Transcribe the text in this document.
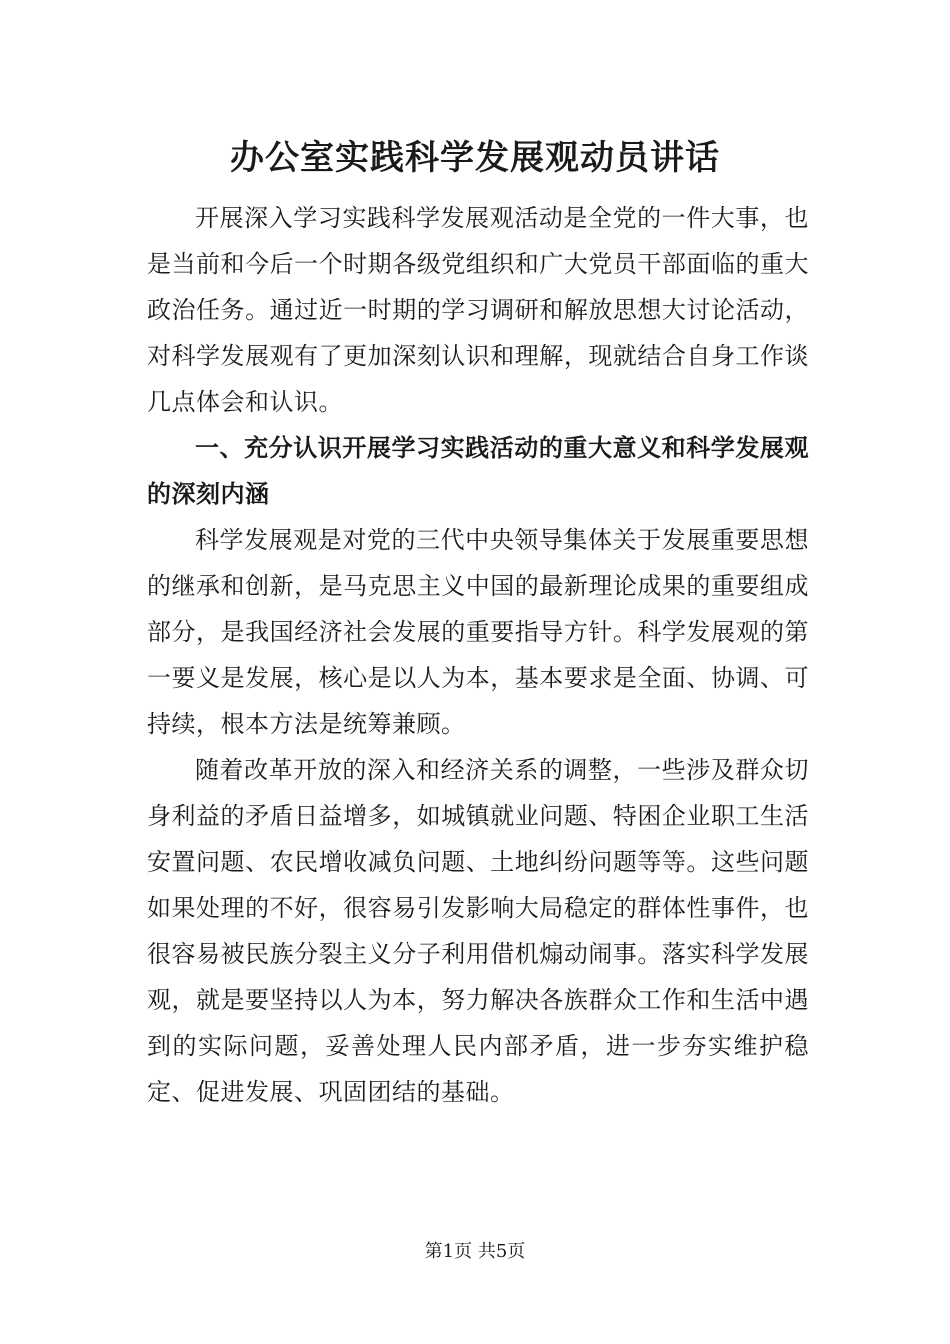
办公室实践科学发展观动员讲话

开展深入学习实践科学发展观活动是全党的一件大事，也是当前和今后一个时期各级党组织和广大党员干部面临的重大政治任务。通过近一时期的学习调研和解放思想大讨论活动，对科学发展观有了更加深刻认识和理解，现就结合自身工作谈几点体会和认识。

一、充分认识开展学习实践活动的重大意义和科学发展观的深刻内涵

科学发展观是对党的三代中央领导集体关于发展重要思想的继承和创新，是马克思主义中国的最新理论成果的重要组成部分，是我国经济社会发展的重要指导方针。科学发展观的第一要义是发展，核心是以人为本，基本要求是全面、协调、可持续，根本方法是统筹兼顾。

随着改革开放的深入和经济关系的调整，一些涉及群众切身利益的矛盾日益增多，如城镇就业问题、特困企业职工生活安置问题、农民增收减负问题、土地纠纷问题等等。这些问题如果处理的不好，很容易引发影响大局稳定的群体性事件，也很容易被民族分裂主义分子利用借机煽动闹事。落实科学发展观，就是要坚持以人为本，努力解决各族群众工作和生活中遇到的实际问题，妥善处理人民内部矛盾，进一步夯实维护稳定、促进发展、巩固团结的基础。

第1页 共5页
